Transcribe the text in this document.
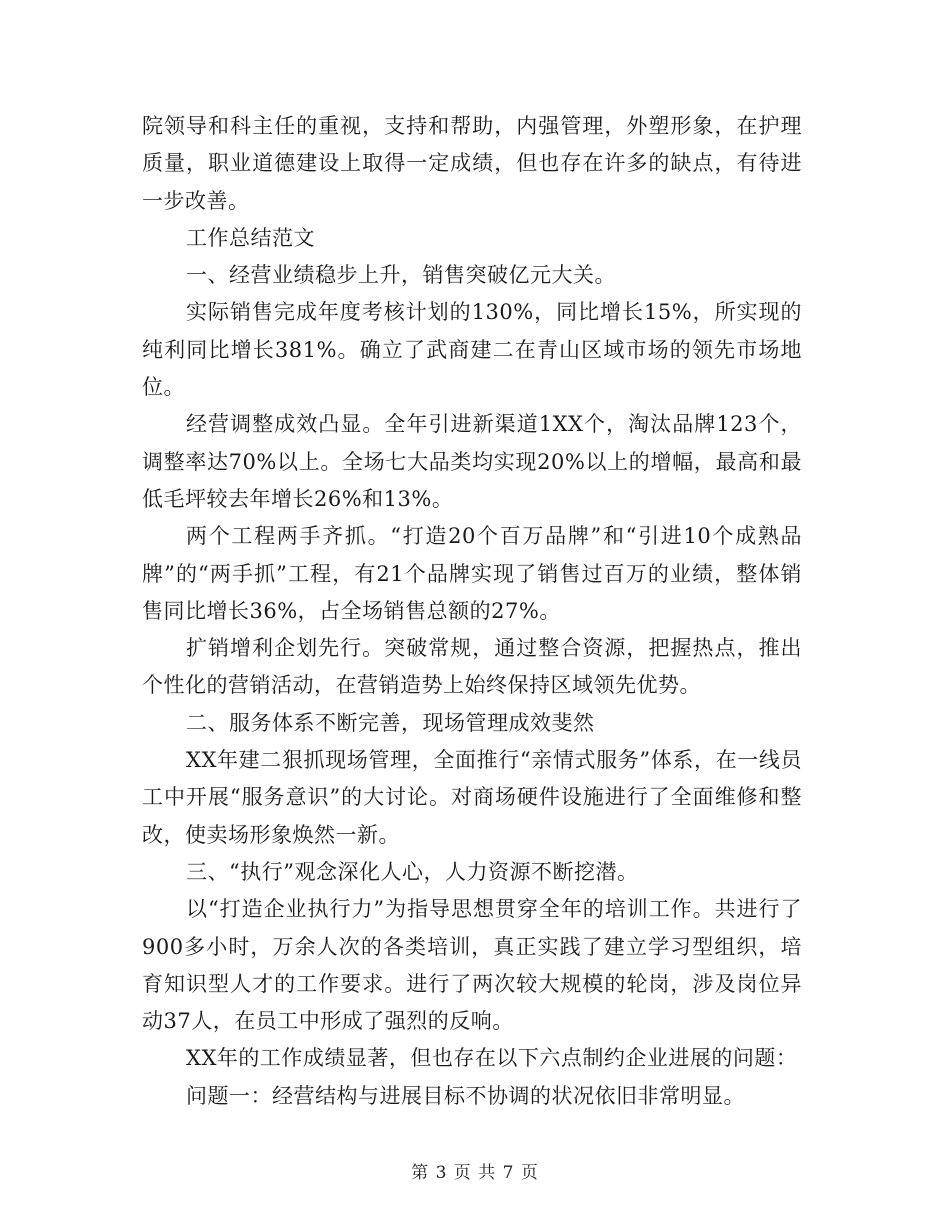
院领导和科主任的重视，支持和帮助，内强管理，外塑形象，在护理质量，职业道德建设上取得一定成绩，但也存在许多的缺点，有待进一步改善。

工作总结范文

一、经营业绩稳步上升，销售突破亿元大关。

实际销售完成年度考核计划的130%，同比增长15%，所实现的纯利同比增长381%。确立了武商建二在青山区域市场的领先市场地位。

经营调整成效凸显。全年引进新渠道1XX个，淘汰品牌123个，调整率达70%以上。全场七大品类均实现20%以上的增幅，最高和最低毛坪较去年增长26%和13%。

两个工程两手齐抓。“打造20个百万品牌”和“引进10个成熟品牌”的“两手抓”工程，有21个品牌实现了销售过百万的业绩，整体销售同比增长36%，占全场销售总额的27%。

扩销增利企划先行。突破常规，通过整合资源，把握热点，推出个性化的营销活动，在营销造势上始终保持区域领先优势。

二、服务体系不断完善，现场管理成效斐然

XX年建二狠抓现场管理，全面推行“亲情式服务”体系，在一线员工中开展“服务意识”的大讨论。对商场硬件设施进行了全面维修和整改，使卖场形象焕然一新。

三、“执行”观念深化人心，人力资源不断挖潜。

以“打造企业执行力”为指导思想贯穿全年的培训工作。共进行了900多小时，万余人次的各类培训，真正实践了建立学习型组织，培育知识型人才的工作要求。进行了两次较大规模的轮岗，涉及岗位异动37人，在员工中形成了强烈的反响。

XX年的工作成绩显著，但也存在以下六点制约企业进展的问题：

问题一：经营结构与进展目标不协调的状况依旧非常明显。

第 3 页 共 7 页
